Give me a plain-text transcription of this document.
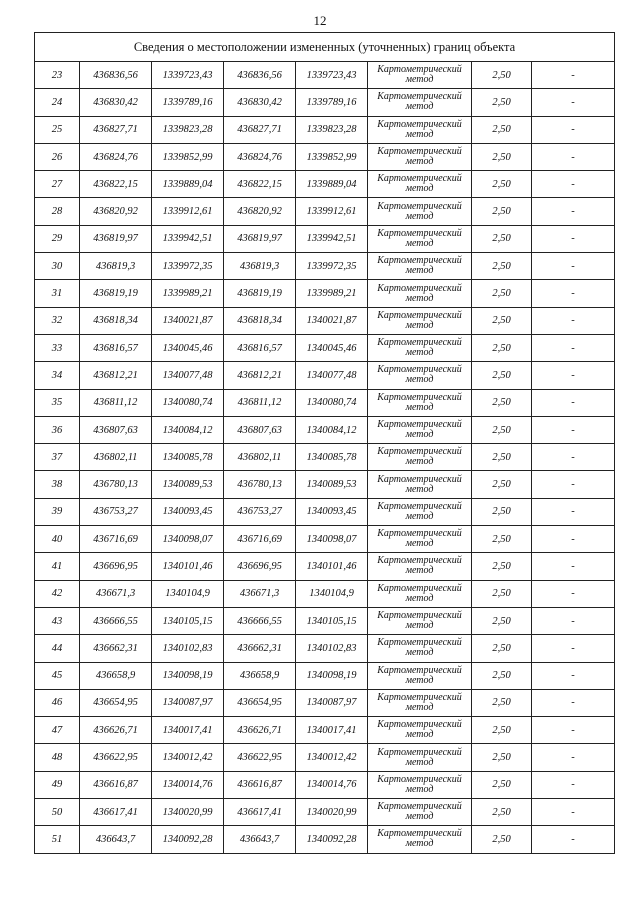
12
Сведения о местоположении измененных (уточненных) границ объекта							
23	436836,56	1339723,43	436836,56	1339723,43	Картометрический
метод	2,50	-
24	436830,42	1339789,16	436830,42	1339789,16	Картометрический
метод	2,50	-
25	436827,71	1339823,28	436827,71	1339823,28	Картометрический
метод	2,50	-
26	436824,76	1339852,99	436824,76	1339852,99	Картометрический
метод	2,50	-
27	436822,15	1339889,04	436822,15	1339889,04	Картометрический
метод	2,50	-
28	436820,92	1339912,61	436820,92	1339912,61	Картометрический
метод	2,50	-
29	436819,97	1339942,51	436819,97	1339942,51	Картометрический
метод	2,50	-
30	436819,3	1339972,35	436819,3	1339972,35	Картометрический
метод	2,50	-
31	436819,19	1339989,21	436819,19	1339989,21	Картометрический
метод	2,50	-
32	436818,34	1340021,87	436818,34	1340021,87	Картометрический
метод	2,50	-
33	436816,57	1340045,46	436816,57	1340045,46	Картометрический
метод	2,50	-
34	436812,21	1340077,48	436812,21	1340077,48	Картометрический
метод	2,50	-
35	436811,12	1340080,74	436811,12	1340080,74	Картометрический
метод	2,50	-
36	436807,63	1340084,12	436807,63	1340084,12	Картометрический
метод	2,50	-
37	436802,11	1340085,78	436802,11	1340085,78	Картометрический
метод	2,50	-
38	436780,13	1340089,53	436780,13	1340089,53	Картометрический
метод	2,50	-
39	436753,27	1340093,45	436753,27	1340093,45	Картометрический
метод	2,50	-
40	436716,69	1340098,07	436716,69	1340098,07	Картометрический
метод	2,50	-
41	436696,95	1340101,46	436696,95	1340101,46	Картометрический
метод	2,50	-
42	436671,3	1340104,9	436671,3	1340104,9	Картометрический
метод	2,50	-
43	436666,55	1340105,15	436666,55	1340105,15	Картометрический
метод	2,50	-
44	436662,31	1340102,83	436662,31	1340102,83	Картометрический
метод	2,50	-
45	436658,9	1340098,19	436658,9	1340098,19	Картометрический
метод	2,50	-
46	436654,95	1340087,97	436654,95	1340087,97	Картометрический
метод	2,50	-
47	436626,71	1340017,41	436626,71	1340017,41	Картометрический
метод	2,50	-
48	436622,95	1340012,42	436622,95	1340012,42	Картометрический
метод	2,50	-
49	436616,87	1340014,76	436616,87	1340014,76	Картометрический
метод	2,50	-
50	436617,41	1340020,99	436617,41	1340020,99	Картометрический
метод	2,50	-
51	436643,7	1340092,28	436643,7	1340092,28	Картометрический
метод	2,50	-
